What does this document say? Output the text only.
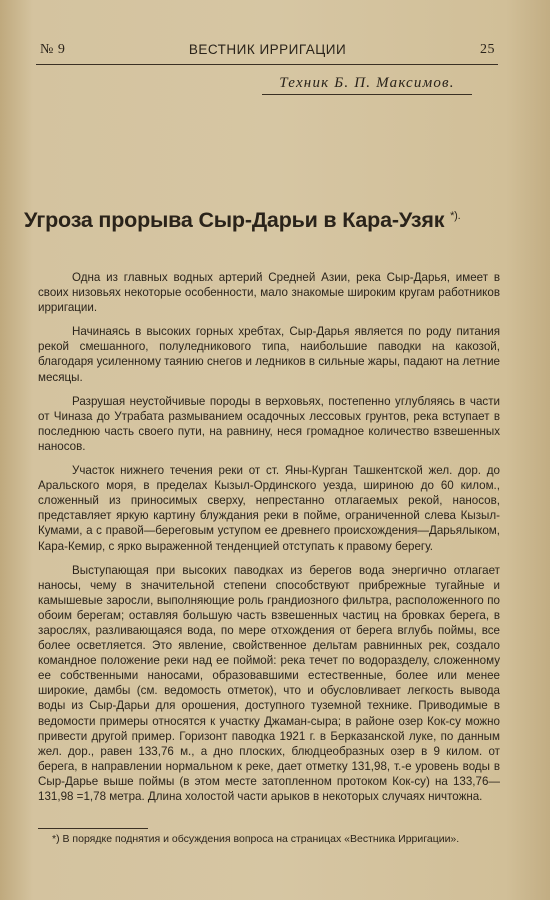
№ 9	ВЕСТНИК ИРРИГАЦИИ	25
Техник Б. П. Максимов.
Угроза прорыва Сыр-Дарьи в Кара-Узяк *).

Одна из главных водных артерий Средней Азии, река Сыр-Дарья, имеет в своих низовьях некоторые особенности, мало знакомые широким кругам работников ирригации.

Начинаясь в высоких горных хребтах, Сыр-Дарья является по роду питания рекой смешанного, полуледникового типа, наибольшие паводки на какозой, благодаря усиленному таянию снегов и ледников в сильные жары, падают на летние месяцы.

Разрушая неустойчивые породы в верховьях, постепенно углубляясь в части от Чиназа до Утрабата размыванием осадочных лессовых грунтов, река вступает в последнюю часть своего пути, на равнину, неся громадное количество взвешенных наносов.

Участок нижнего течения реки от ст. Яны-Курган Ташкентской жел. дор. до Аральского моря, в пределах Кызыл-Ординского уезда, шириною до 60 килом., сложенный из приносимых сверху, непрестанно отлагаемых рекой, наносов, представляет яркую картину блуждания реки в пойме, ограниченной слева Кызыл-Кумами, а с правой—береговым уступом ее древнего происхождения—Дарьялыком, Кара-Кемир, с ярко выраженной тенденцией отступать к правому берегу.

Выступающая при высоких паводках из берегов вода энергично отлагает наносы, чему в значительной степени способствуют прибрежные тугайные и камышевые заросли, выполняющие роль грандиозного фильтра, расположенного по обоим берегам; оставляя большую часть взвешенных частиц на бровках берега, в зарослях, разливающаяся вода, по мере отхождения от берега вглубь поймы, все более осветляется. Это явление, свойственное дельтам равнинных рек, создало командное положение реки над ее поймой: река течет по водоразделу, сложенному ее собственными наносами, образовавшими естественные, более или менее широкие, дамбы (см. ведомость отметок), что и обусловливает легкость вывода воды из Сыр-Дарьи для орошения, доступного туземной технике. Приводимые в ведомости примеры относятся к участку Джаман-сыра; в районе озер Кок-су можно привести другой пример. Горизонт паводка 1921 г. в Берказанской луке, по данным жел. дор., равен 133,76 м., а дно плоских, блюдцеобразных озер в 9 килом. от берега, в направлении нормальном к реке, дает отметку 131,98, т.-е уровень воды в Сыр-Дарье выше поймы (в этом месте затопленном протоком Кок-су) на 133,76—131,98 =1,78 метра. Длина холостой части арыков в некоторых случаях ничтожна.

*) В порядке поднятия и обсуждения вопроса на страницах «Вестника Ирригации».
